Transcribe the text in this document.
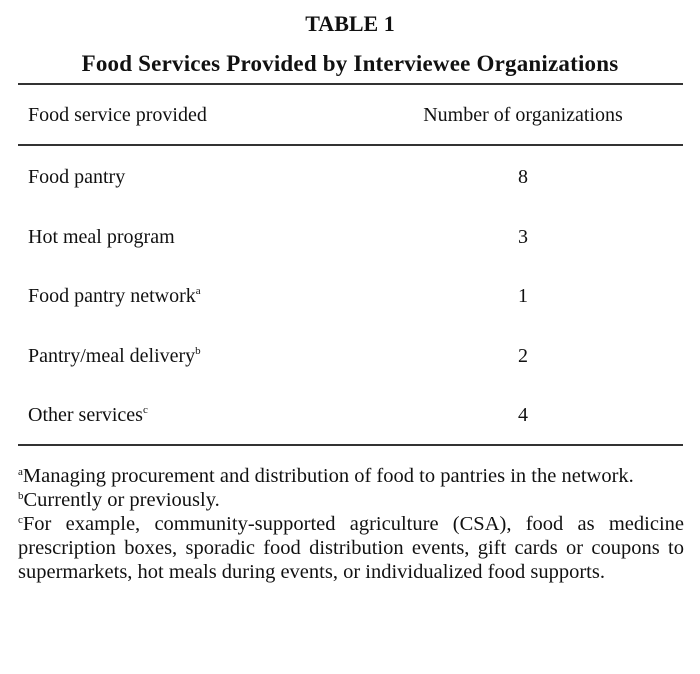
TABLE 1
Food Services Provided by Interviewee Organizations
Food service provided	Number of organizations
Food pantry	8
Hot meal program	3
Food pantry network$^a$	1
Pantry/meal delivery$^b$	2
Other services$^c$	4

$^a$Managing procurement and distribution of food to pantries in the network.

$^b$Currently or previously.

$^c$For example, community-supported agriculture (CSA), food as medicine prescription boxes, sporadic food distribution events, gift cards or coupons to supermarkets, hot meals during events, or individualized food supports.
